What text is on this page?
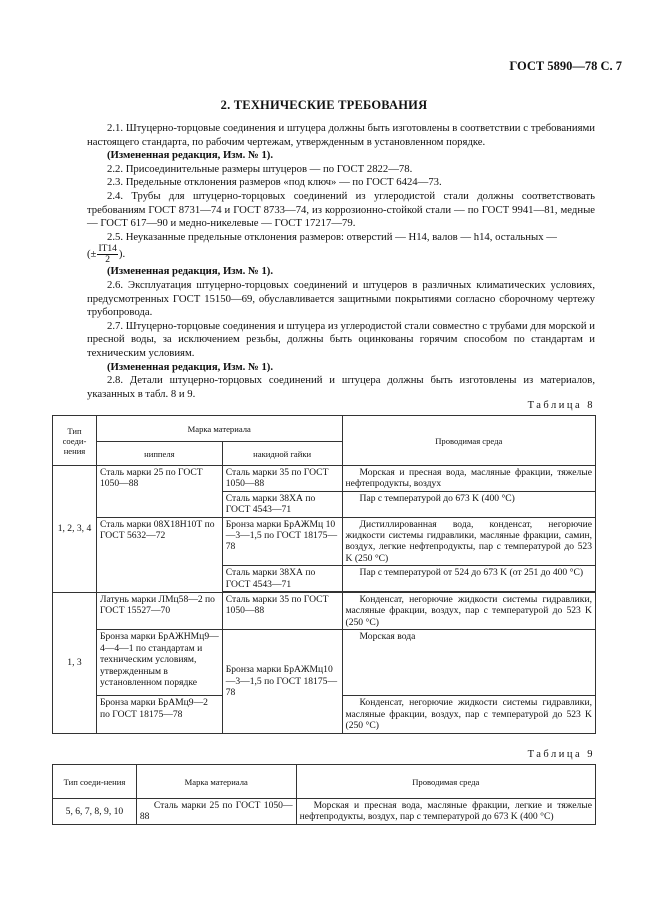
ГОСТ 5890—78 С. 7
2. ТЕХНИЧЕСКИЕ ТРЕБОВАНИЯ

2.1. Штуцерно-торцовые соединения и штуцера должны быть изготовлены в соответствии с требованиями настоящего стандарта, по рабочим чертежам, утвержденным в установленном порядке.

(Измененная редакция, Изм. № 1).

2.2. Присоединительные размеры штуцеров — по ГОСТ 2822—78.

2.3. Предельные отклонения размеров «под ключ» — по ГОСТ 6424—73.

2.4. Трубы для штуцерно-торцовых соединений из углеродистой стали должны соответствовать требованиям ГОСТ 8731—74 и ГОСТ 8733—74, из коррозионно-стойкой стали — по ГОСТ 9941—81, медные — ГОСТ 617—90 и медно-никелевые — ГОСТ 17217—79.

2.5. Неуказанные предельные отклонения размеров: отверстий — H14, валов — h14, остальных —

(± $\frac{IT14}{2}$ ).

(Измененная редакция, Изм. № 1).

2.6. Эксплуатация штуцерно-торцовых соединений и штуцеров в различных климатических условиях, предусмотренных ГОСТ 15150—69, обуславливается защитными покрытиями согласно сборочному чертежу трубопровода.

2.7. Штуцерно-торцовые соединения и штуцера из углеродистой стали совместно с трубами для морской и пресной воды, за исключением резьбы, должны быть оцинкованы горячим способом по стандартам и техническим условиям.

(Измененная редакция, Изм. № 1).

2.8. Детали штуцерно-торцовых соединений и штуцера должны быть изготовлены из материалов, указанных в табл. 8 и 9.

Таблица 8
Тип соеди-нения	Марка материала		Проводимая среда
	ниппеля	накидной гайки	
1, 2, 3, 4	Сталь марки 25 по ГОСТ 1050—88	Сталь марки 35 по ГОСТ 1050—88	Морская и пресная вода, масляные фракции, тяжелые нефтепродукты, воздух
		Сталь марки 38ХА по ГОСТ 4543—71	Пар с температурой до 673 K (400 °C)
	Сталь марки 08Х18Н10Т по ГОСТ 5632—72	Бронза марки БрАЖМц 10—3—1,5 по ГОСТ 18175—78	Дистиллированная вода, конденсат, негорючие жидкости системы гидравлики, масляные фракции, самин, воздух, легкие нефтепродукты, пар с температурой до 523 K (250 °C)
		Сталь марки 38ХА по ГОСТ 4543—71	Пар с температурой от 524 до 673 K (от 251 до 400 °C)

1, 3	Латунь марки ЛМц58—2 по ГОСТ 15527—70	Сталь марки 35 по ГОСТ 1050—88	Конденсат, негорючие жидкости системы гидравлики, масляные фракции, воздух, пар с температурой до 523 K (250 °C)
	Бронза марки БрАЖНМц9—4—4—1 по стандартам и техническим условиям, утвержденным в установленном порядке	Бронза марки БрАЖМц10—3—1,5 по ГОСТ 18175—78	Морская вода
	Бронза марки БрАМц9—2 по ГОСТ 18175—78		Конденсат, негорючие жидкости системы гидравлики, масляные фракции, воздух, пар с температурой до 523 K (250 °C)
Таблица 9
Тип соеди-нения	Марка материала	Проводимая среда
5, 6, 7, 8, 9, 10	Сталь марки 25 по ГОСТ 1050—88	Морская и пресная вода, масляные фракции, легкие и тяжелые нефтепродукты, воздух, пар с температурой до 673 K (400 °C)
